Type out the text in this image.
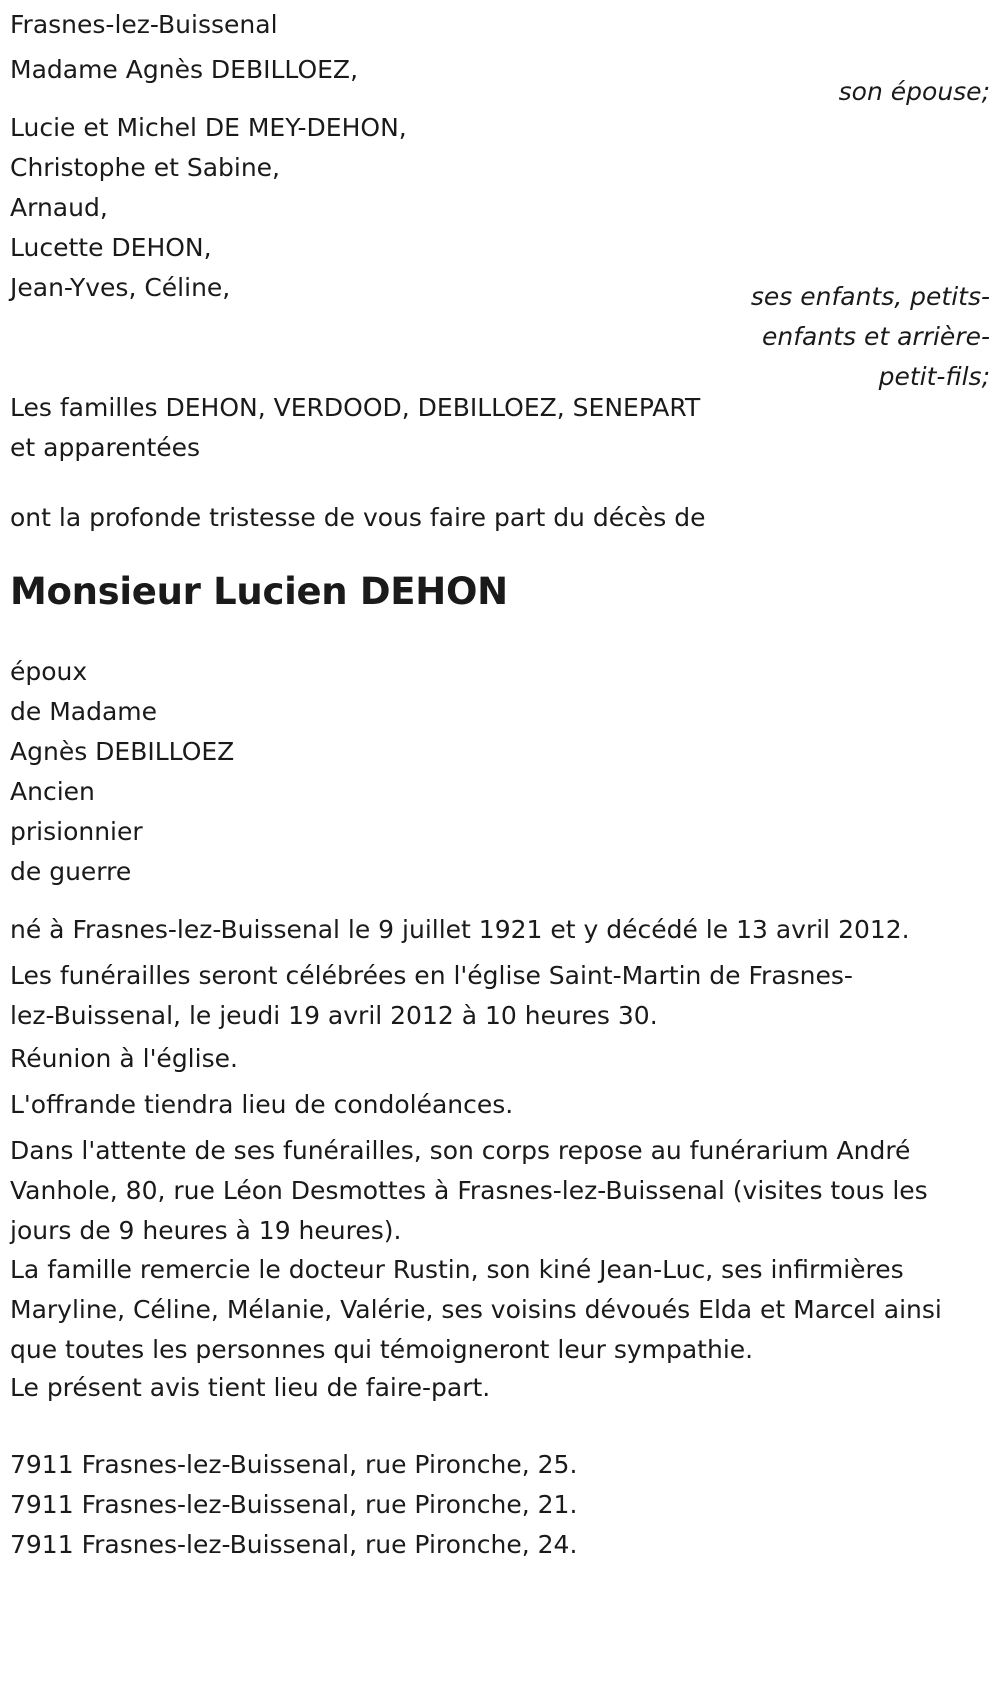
Frasnes-lez-Buissenal
Madame Agnès DEBILLOEZ,
son épouse;
Lucie et Michel DE MEY-DEHON,
Christophe et Sabine,
Arnaud,
Lucette DEHON,
Jean-Yves, Céline,	ses enfants, petits-
enfants et arrière-
petit-fils;
Les familles DEHON, VERDOOD, DEBILLOEZ, SENEPART
et apparentées
ont la profonde tristesse de vous faire part du décès de
Monsieur Lucien DEHON
époux
de Madame
Agnès DEBILLOEZ
Ancien
prisionnier
de guerre
né à Frasnes-lez-Buissenal le 9 juillet 1921 et y décédé le 13 avril 2012.
Les funérailles seront célébrées en l'église Saint-Martin de Frasnes-
lez-Buissenal, le jeudi 19 avril 2012 à 10 heures 30.
Réunion à l'église.
L'offrande tiendra lieu de condoléances.
Dans l'attente de ses funérailles, son corps repose au funérarium André
Vanhole, 80, rue Léon Desmottes à Frasnes-lez-Buissenal (visites tous les
jours de 9 heures à 19 heures).
La famille remercie le docteur Rustin, son kiné Jean-Luc, ses infirmières
Maryline, Céline, Mélanie, Valérie, ses voisins dévoués Elda et Marcel ainsi
que toutes les personnes qui témoigneront leur sympathie.
Le présent avis tient lieu de faire-part.
7911 Frasnes-lez-Buissenal, rue Pironche, 25.
7911 Frasnes-lez-Buissenal, rue Pironche, 21.
7911 Frasnes-lez-Buissenal, rue Pironche, 24.
